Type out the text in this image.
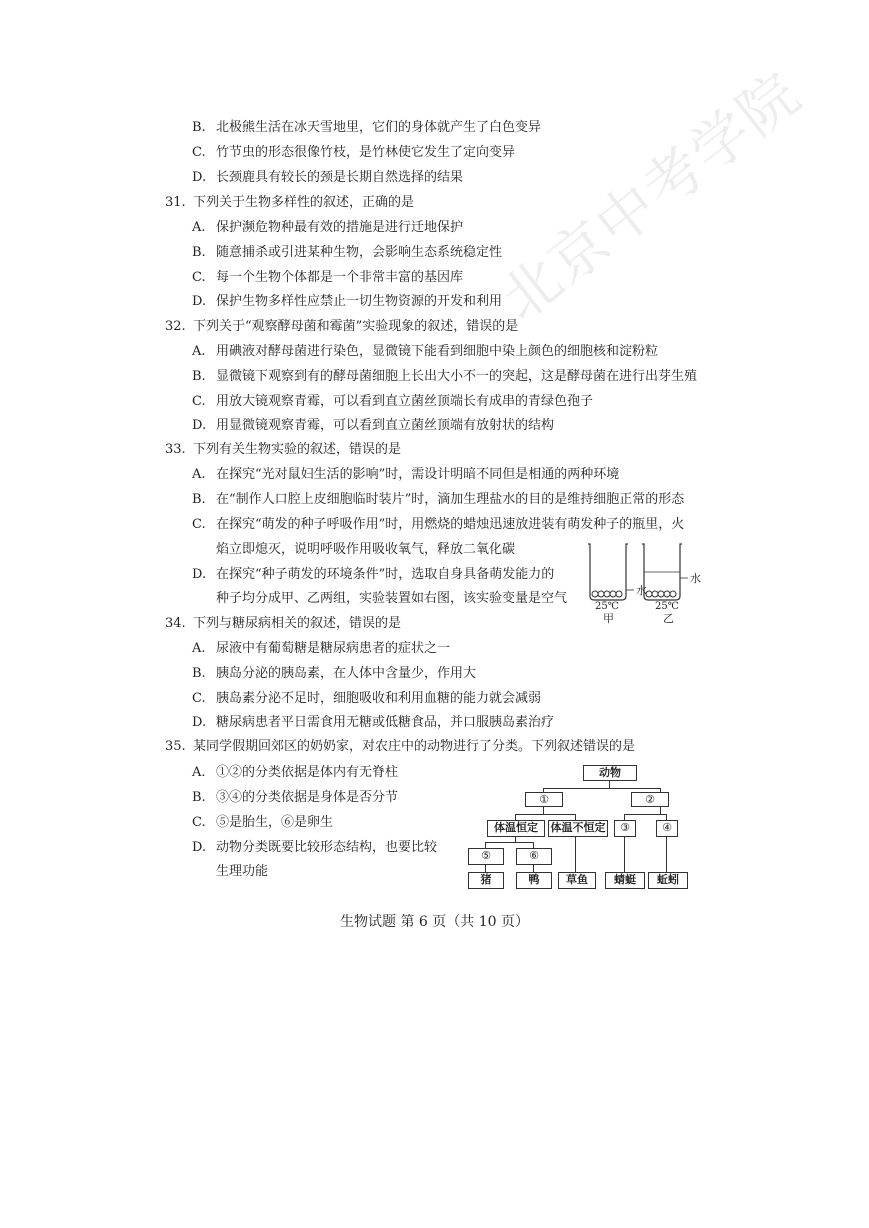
北京中考学院
B. 北极熊生活在冰天雪地里，它们的身体就产生了白色变异
C. 竹节虫的形态很像竹枝，是竹林使它发生了定向变异
D. 长颈鹿具有较长的颈是长期自然选择的结果
31. 下列关于生物多样性的叙述，正确的是
A. 保护濒危物种最有效的措施是进行迁地保护
B. 随意捕杀或引进某种生物，会影响生态系统稳定性
C. 每一个生物个体都是一个非常丰富的基因库
D. 保护生物多样性应禁止一切生物资源的开发和利用
32. 下列关于“观察酵母菌和霉菌”实验现象的叙述，错误的是
A. 用碘液对酵母菌进行染色，显微镜下能看到细胞中染上颜色的细胞核和淀粉粒
B. 显微镜下观察到有的酵母菌细胞上长出大小不一的突起，这是酵母菌在进行出芽生殖
C. 用放大镜观察青霉，可以看到直立菌丝顶端长有成串的青绿色孢子
D. 用显微镜观察青霉，可以看到直立菌丝顶端有放射状的结构
33. 下列有关生物实验的叙述，错误的是
A. 在探究“光对鼠妇生活的影响”时，需设计明暗不同但是相通的两种环境
B. 在“制作人口腔上皮细胞临时装片”时，滴加生理盐水的目的是维持细胞正常的形态
C. 在探究“萌发的种子呼吸作用”时，用燃烧的蜡烛迅速放进装有萌发种子的瓶里，火
焰立即熄灭，说明呼吸作用吸收氧气，释放二氧化碳
D. 在探究“种子萌发的环境条件”时，选取自身具备萌发能力的
种子均分成甲、乙两组，实验装置如右图，该实验变量是空气
水
水
25℃	25℃
甲	乙
34. 下列与糖尿病相关的叙述，错误的是
A. 尿液中有葡萄糖是糖尿病患者的症状之一
B. 胰岛分泌的胰岛素，在人体中含量少，作用大
C. 胰岛素分泌不足时，细胞吸收和利用血糖的能力就会减弱
D. 糖尿病患者平日需食用无糖或低糖食品，并口服胰岛素治疗
35. 某同学假期回郊区的奶奶家，对农庄中的动物进行了分类。下列叙述错误的是
A. ①②的分类依据是体内有无脊柱
B. ③④的分类依据是身体是否分节
C. ⑤是胎生，⑥是卵生
D. 动物分类既要比较形态结构，也要比较
生理功能
动物
①	②
体温恒定	体温不恒定	③	④
⑤	⑥
猪	鸭	草鱼	蜻蜓	蚯蚓
生物试题 第 6 页（共 10 页）
